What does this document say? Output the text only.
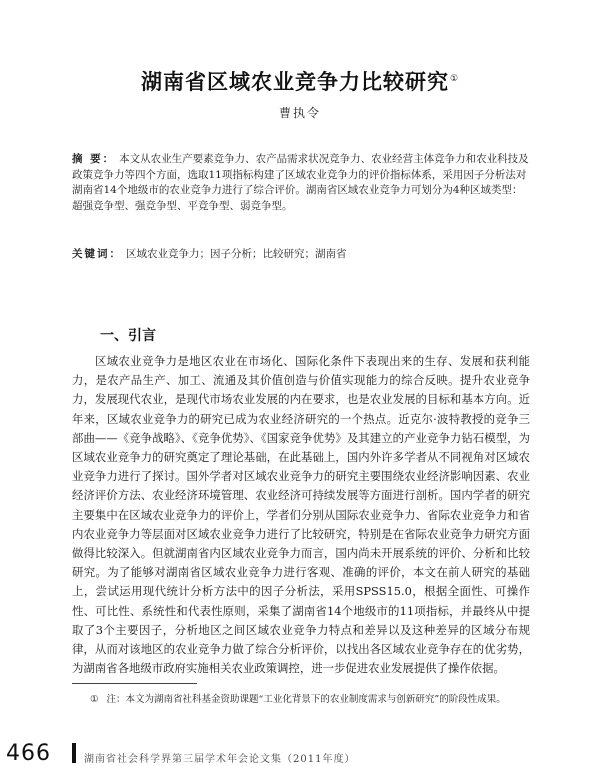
湖南省区域农业竞争力比较研究①
曹执令
摘 要： 本文从农业生产要素竞争力、农产品需求状况竞争力、农业经营主体竞争力和农业科技及政策竞争力等四个方面，选取11项指标构建了区域农业竞争力的评价指标体系，采用因子分析法对湖南省14个地级市的农业竞争力进行了综合评价。湖南省区域农业竞争力可划分为4种区域类型：超强竞争型、强竞争型、平竞争型、弱竞争型。
关键词： 区域农业竞争力；因子分析；比较研究；湖南省
一、引言
区域农业竞争力是地区农业在市场化、国际化条件下表现出来的生存、发展和获利能力，是农产品生产、加工、流通及其价值创造与价值实现能力的综合反映。提升农业竞争力，发展现代农业，是现代市场农业发展的内在要求，也是农业发展的目标和基本方向。近年来，区域农业竞争力的研究已成为农业经济研究的一个热点。近克尔·波特教授的竞争三部曲——《竞争战略》、《竞争优势》、《国家竞争优势》及其建立的产业竞争力钻石模型，为区域农业竞争力的研究奠定了理论基础，在此基础上，国内外许多学者从不同视角对区域农业竞争力进行了探讨。国外学者对区域农业竞争力的研究主要围绕农业经济影响因素、农业经济评价方法、农业经济环境管理、农业经济可持续发展等方面进行剖析。国内学者的研究主要集中在区域农业竞争力的评价上，学者们分别从国际农业竞争力、省际农业竞争力和省内农业竞争力等层面对区域农业竞争力进行了比较研究，特别是在省际农业竞争力研究方面做得比较深入。但就湖南省内区域农业竞争力而言，国内尚未开展系统的评价、分析和比较研究。为了能够对湖南省区域农业竞争力进行客观、准确的评价，本文在前人研究的基础上，尝试运用现代统计分析方法中的因子分析法，采用SPSS15.0，根据全面性、可操作性、可比性、系统性和代表性原则，采集了湖南省14个地级市的11项指标，并最终从中提取了3个主要因子，分析地区之间区域农业竞争力特点和差异以及这种差异的区域分布规律，从而对该地区的农业竞争力做了综合分析评价，以找出各区域农业竞争存在的优劣势，为湖南省各地级市政府实施相关农业政策调控，进一步促进农业发展提供了操作依据。
① 注：本文为湖南省社科基金资助课题“工业化背景下的农业制度需求与创新研究”的阶段性成果。
466	湖南省社会科学界第三届学术年会论文集（2011年度）
